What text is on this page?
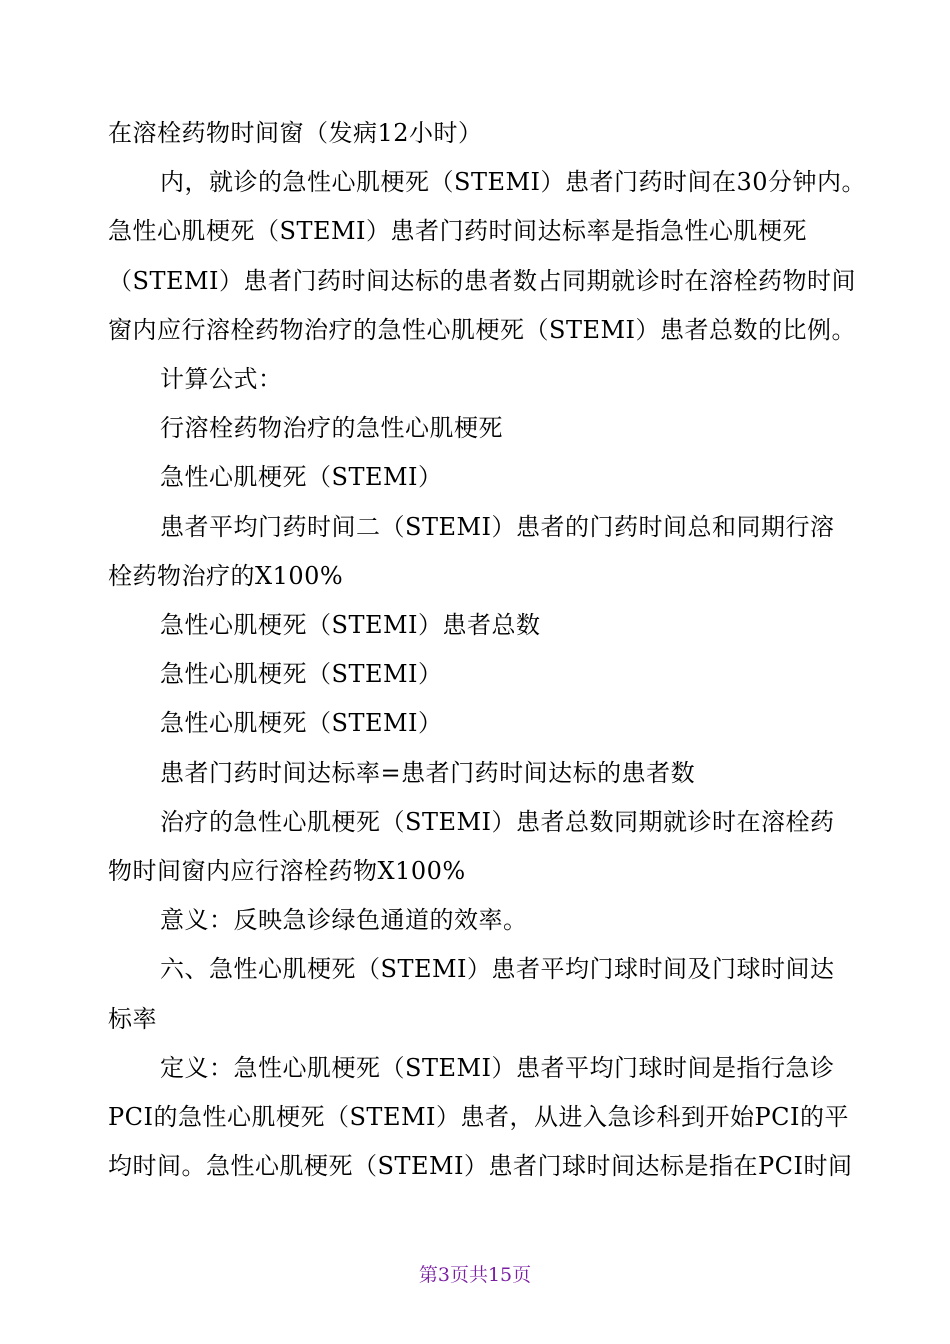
在溶栓药物时间窗（发病12小时）
内，就诊的急性心肌梗死（STEMI）患者门药时间在30分钟内。
急性心肌梗死（STEMI）患者门药时间达标率是指急性心肌梗死
（STEMI）患者门药时间达标的患者数占同期就诊时在溶栓药物时间
窗内应行溶栓药物治疗的急性心肌梗死（STEMI）患者总数的比例。
计算公式：
行溶栓药物治疗的急性心肌梗死
急性心肌梗死（STEMI）
患者平均门药时间二（STEMI）患者的门药时间总和同期行溶
栓药物治疗的X100%
急性心肌梗死（STEMI）患者总数
急性心肌梗死（STEMI）
急性心肌梗死（STEMI）
患者门药时间达标率=患者门药时间达标的患者数
治疗的急性心肌梗死（STEMI）患者总数同期就诊时在溶栓药
物时间窗内应行溶栓药物X100%
意义：反映急诊绿色通道的效率。
六、急性心肌梗死（STEMI）患者平均门球时间及门球时间达
标率
定义：急性心肌梗死（STEMI）患者平均门球时间是指行急诊
PCI的急性心肌梗死（STEMI）患者，从进入急诊科到开始PCI的平
均时间。急性心肌梗死（STEMI）患者门球时间达标是指在PCI时间
第3页共15页
